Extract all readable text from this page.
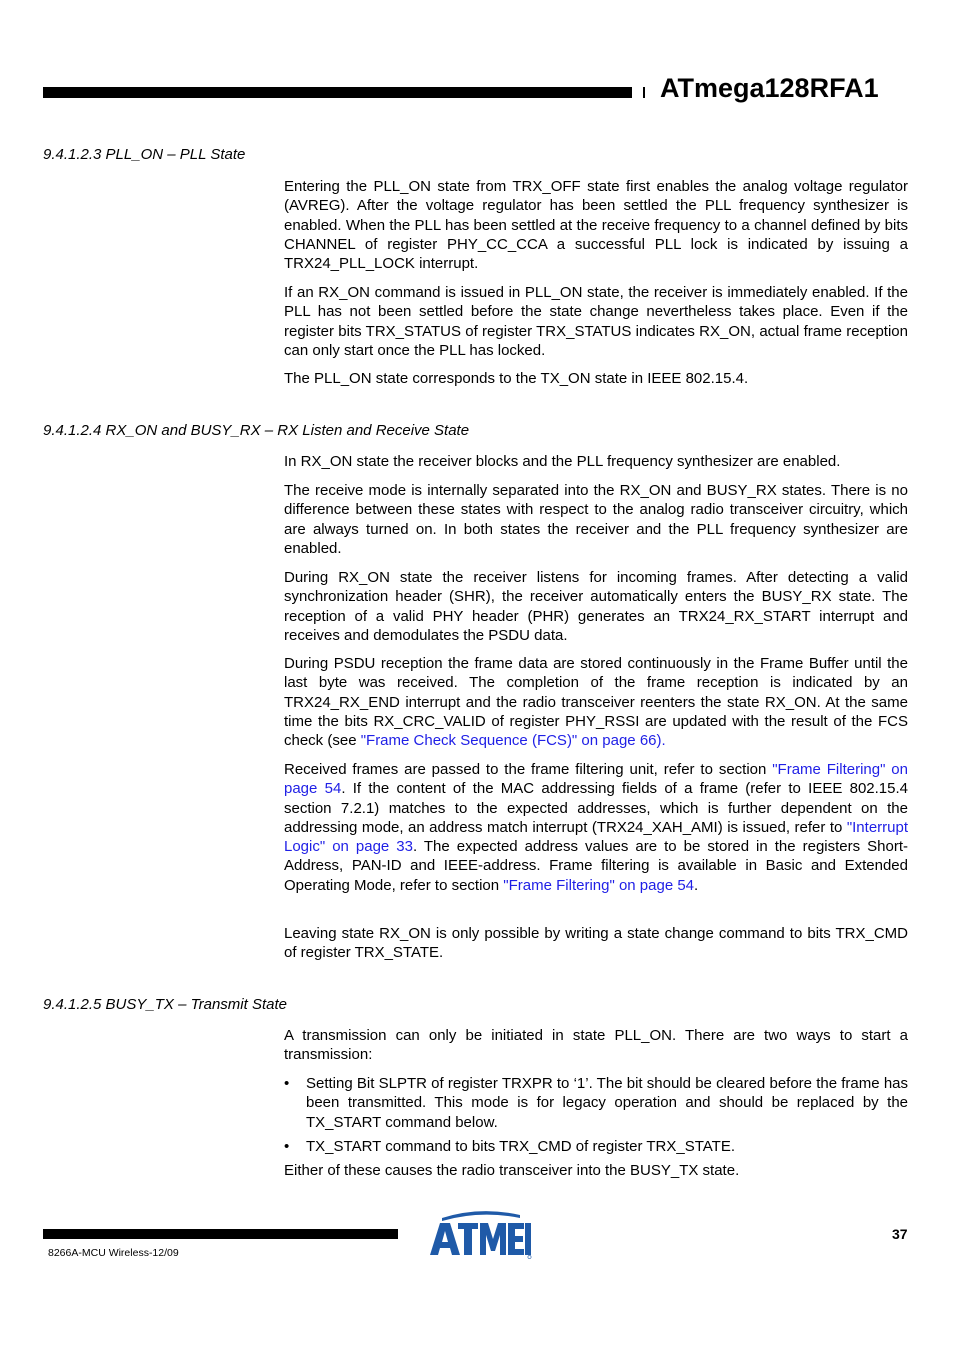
ATmega128RFA1
9.4.1.2.3 PLL_ON – PLL State

Entering the PLL_ON state from TRX_OFF state first enables the analog voltage regulator (AVREG). After the voltage regulator has been settled the PLL frequency synthesizer is enabled. When the PLL has been settled at the receive frequency to a channel defined by bits CHANNEL of register PHY_CC_CCA a successful PLL lock is indicated by issuing a TRX24_PLL_LOCK interrupt.

If an RX_ON command is issued in PLL_ON state, the receiver is immediately enabled. If the PLL has not been settled before the state change nevertheless takes place. Even if the register bits TRX_STATUS of register TRX_STATUS indicates RX_ON, actual frame reception can only start once the PLL has locked.

The PLL_ON state corresponds to the TX_ON state in IEEE 802.15.4.

9.4.1.2.4 RX_ON and BUSY_RX – RX Listen and Receive State

In RX_ON state the receiver blocks and the PLL frequency synthesizer are enabled.

The receive mode is internally separated into the RX_ON and BUSY_RX states. There is no difference between these states with respect to the analog radio transceiver circuitry, which are always turned on. In both states the receiver and the PLL frequency synthesizer are enabled.

During RX_ON state the receiver listens for incoming frames. After detecting a valid synchronization header (SHR), the receiver automatically enters the BUSY_RX state. The reception of a valid PHY header (PHR) generates an TRX24_RX_START interrupt and receives and demodulates the PSDU data.

During PSDU reception the frame data are stored continuously in the Frame Buffer until the last byte was received. The completion of the frame reception is indicated by an TRX24_RX_END interrupt and the radio transceiver reenters the state RX_ON. At the same time the bits RX_CRC_VALID of register PHY_RSSI are updated with the result of the FCS check (see "Frame Check Sequence (FCS)" on page 66).

Received frames are passed to the frame filtering unit, refer to section "Frame Filtering" on page 54. If the content of the MAC addressing fields of a frame (refer to IEEE 802.15.4 section 7.2.1) matches to the expected addresses, which is further dependent on the addressing mode, an address match interrupt (TRX24_XAH_AMI) is issued, refer to "Interrupt Logic" on page 33. The expected address values are to be stored in the registers Short-Address, PAN-ID and IEEE-address. Frame filtering is available in Basic and Extended Operating Mode, refer to section "Frame Filtering" on page 54.

Leaving state RX_ON is only possible by writing a state change command to bits TRX_CMD of register TRX_STATE.

9.4.1.2.5 BUSY_TX – Transmit State

A transmission can only be initiated in state PLL_ON. There are two ways to start a transmission:

• Setting Bit SLPTR of register TRXPR to ‘1’. The bit should be cleared before the frame has been transmitted. This mode is for legacy operation and should be replaced by the TX_START command below.
• TX_START command to bits TRX_CMD of register TRX_STATE.

Either of these causes the radio transceiver into the BUSY_TX state.

8266A-MCU Wireless-12/09
37
